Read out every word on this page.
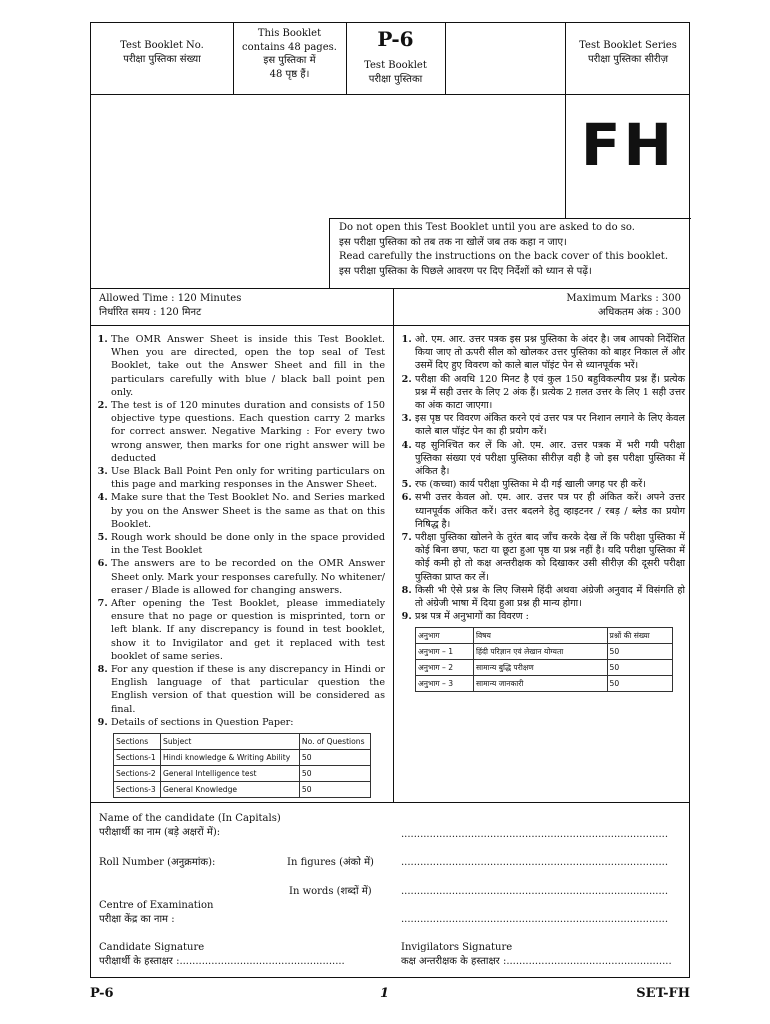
Test Booklet No.
परीक्षा पुस्तिका संख्या
This Booklet
contains 48 pages.
इस पुस्तिका में
48 पृष्ठ हैं।
P-6
Test Booklet
परीक्षा पुस्तिका
Test Booklet Series
परीक्षा पुस्तिका सीरीज़
FH
Do not open this Test Booklet until you are asked to do so.
इस परीक्षा पुस्तिका को तब तक ना खोलें जब तक कहा न जाए।
Read carefully the instructions on the back cover of this booklet.
इस परीक्षा पुस्तिका के पिछले आवरण पर दिए निर्देशों को ध्यान से पढ़ें।
Allowed Time : 120 Minutes
निर्धारित समय : 120 मिनट
Maximum Marks : 300
अधिकतम अंक : 300
1. The OMR Answer Sheet is inside this Test Booklet. When you are directed, open the top seal of Test Booklet, take out the Answer Sheet and fill in the particulars carefully with blue / black ball point pen only.
2. The test is of 120 minutes duration and consists of 150 objective type questions. Each question carry 2 marks for correct answer. Negative Marking : For every two wrong answer, then marks for one right answer will be deducted
3. Use Black Ball Point Pen only for writing particulars on this page and marking responses in the Answer Sheet.
4. Make sure that the Test Booklet No. and Series marked by you on the Answer Sheet is the same as that on this Booklet.
5. Rough work should be done only in the space provided in the Test Booklet
6. The answers are to be recorded on the OMR Answer Sheet only. Mark your responses carefully. No whitener/ eraser / Blade is allowed for changing answers.
7. After opening the Test Booklet, please immediately ensure that no page or question is misprinted, torn or left blank. If any discrepancy is found in test booklet, show it to Invigilator and get it replaced with test booklet of same series.
8. For any question if these is any discrepancy in Hindi or English language of that particular question the English version of that question will be considered as final.
9. Details of sections in Question Paper:
Sections	Subject	No. of Questions
Sections-1	Hindi knowledge & Writing Ability	50
Sections-2	General Intelligence test	50
Sections-3	General Knowledge	50
1. ओ. एम. आर. उत्तर पत्रक इस प्रश्न पुस्तिका के अंदर है। जब आपको निर्देशित किया जाए तो ऊपरी सील को खोलकर उत्तर पुस्तिका को बाहर निकाल लें और उसमें दिए हुए विवरण को काले बाल पॉइंट पेन से ध्यानपूर्वक भरें।
2. परीक्षा की अवधि 120 मिनट है एवं कुल 150 बहुविकल्पीय प्रश्न हैं। प्रत्येक प्रश्न में सही उत्तर के लिए 2 अंक हैं। प्रत्येक 2 ग़लत उत्तर के लिए 1 सही उत्तर का अंक काटा जाएगा।
3. इस पृष्ठ पर विवरण अंकित करने एवं उत्तर पत्र पर निशान लगाने के लिए केवल काले बाल पॉइंट पेन का ही प्रयोग करें।
4. यह सुनिश्चित कर लें कि ओ. एम. आर. उत्तर पत्रक में भरी गयी परीक्षा पुस्तिका संख्या एवं परीक्षा पुस्तिका सीरीज़ वही है जो इस परीक्षा पुस्तिका में अंकित है।
5. रफ (कच्चा) कार्य परीक्षा पुस्तिका मे दी गई खाली जगह पर ही करें।
6. सभी उत्तर केवल ओ. एम. आर. उत्तर पत्र पर ही अंकित करें। अपने उत्तर ध्यानपूर्वक अंकित करें। उत्तर बदलने हेतु व्हाइटनर / रबड़ / ब्लेड का प्रयोग निषिद्ध है।
7. परीक्षा पुस्तिका खोलने के तुरंत बाद जाँच करके देख लें कि परीक्षा पुस्तिका में कोई बिना छपा, फटा या छूटा हुआ पृष्ठ या प्रश्न नहीं है। यदि परीक्षा पुस्तिका में कोई कमी हो तो कक्ष अन्तरीक्षक को दिखाकर उसी सीरीज़ की दूसरी परीक्षा पुस्तिका प्राप्त कर लें।
8. किसी भी ऐसे प्रश्न के लिए जिसमे हिंदी अथवा अंग्रेजी अनुवाद में विसंगति हो तो अंग्रेजी भाषा में दिया हुआ प्रश्न ही मान्य होगा।
9. प्रश्न पत्र में अनुभागों का विवरण :
अनुभाग	विषय	प्रश्नों की संख्या
अनुभाग – 1	हिंदी परिज्ञान एवं लेखान योग्यता	50
अनुभाग – 2	सामान्य बुद्धि परीक्षण	50
अनुभाग – 3	सामान्य जानकारी	50
Name of the candidate (In Capitals)
परीक्षार्थी का नाम (बड़े अक्षरों में):	....................................................................................
Roll Number (अनुक्रमांक):	In figures (अंको में)	....................................................................................
In words (शब्दों में)	....................................................................................
Centre of Examination
परीक्षा केंद्र का नाम :	....................................................................................
Candidate Signature
परीक्षार्थी के हस्ताक्षर :....................................................
Invigilators Signature
कक्ष अन्तरीक्षक के हस्ताक्षर :....................................................
P-6	1	SET-FH
